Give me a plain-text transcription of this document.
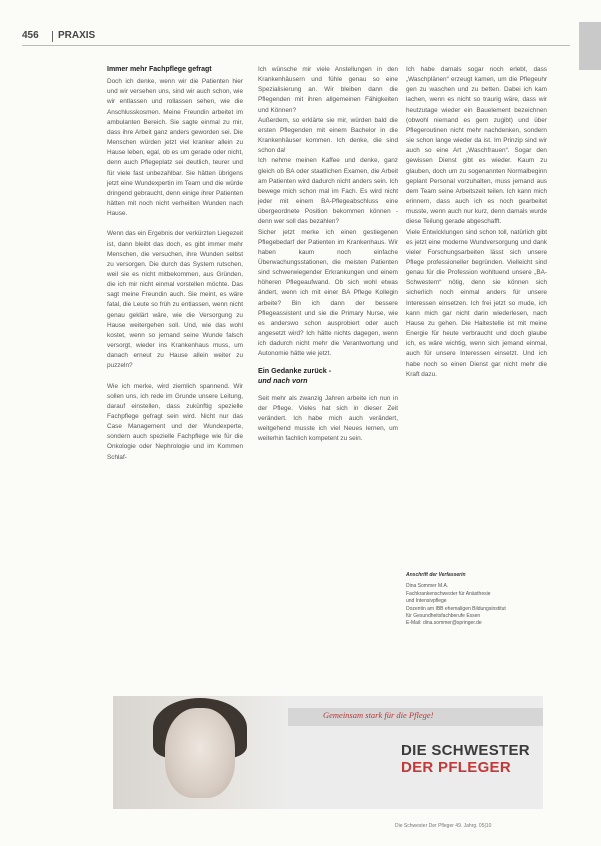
456 PRAXIS
Immer mehr Fachpflege gefragt

Doch ich denke, wenn wir die Patienten hier und wir versehen uns, sind wir auch schon, wie wir entlassen und rollassen sehen, wie die Anschlusskosmen. Meine Freundin arbeitet im ambulanten Bereich. Sie sagte einmal zu mir, dass ihre Arbeit ganz anders geworden sei. Die Menschen würden jetzt viel kranker allein zu Hause leben, egal, ob es um gerade oder nicht, denn auch Pflegeplatz sei deutlich, teurer und für viele fast unbezahlbar. Sie hätten übrigens jetzt eine Wundexpertin im Team und die würde dringend gebraucht, denn einige ihrer Patienten hätten mit noch nicht verheilten Wunden nach Hause.

Wenn das ein Ergebnis der verkürzten Liegezeit ist, dann bleibt das doch, es gibt immer mehr Menschen, die versuchen, ihre Wunden selbst zu versorgen. Die durch das System rutschen, weil sie es nicht mitbekommen, aus Gründen, die ich mir nicht einmal vorstellen möchte. Das sagt meine Freundin auch. Sie meint, es wäre fatal, die Leute so früh zu entlassen, wenn nicht genau geklärt wäre, wie die Versorgung zu Hause weitergehen soll. Und, wie das wohl kostet, wenn so jemand seine Wunde falsch versorgt, wieder ins Krankenhaus muss, um danach erneut zu Hause allein weiter zu puzzeln?

Wie ich merke, wird ziemlich spannend. Wir sollen uns, ich rede im Grunde unsere Leitung, darauf einstellen, dass zukünftig spezielle Fachpflege gefragt sein wird. Nicht nur das Case Management und der Wundexperte, sondern auch spezielle Fachpflege wie für die Onkologie oder Nephrologie und im Kommen Schlaf-

Ich wünsche mir viele Anstellungen in den Krankenhäusern und fühle genau so eine Spezialisierung an. Wir bleiben dann die Pflegenden mit ihren allgemeinen Fähigkeiten und Können?

Außerdem, so erklärte sie mir, würden bald die ersten Pflegenden mit einem Bachelor in die Krankenhäuser kommen. Ich denke, die sind schon da!

Ich nehme meinen Kaffee und denke, ganz gleich ob BA oder staatlichen Examen, die Arbeit am Patienten wird dadurch nicht anders sein. Ich bewege mich schon mal im Fach. Es wird nicht jeder mit einem BA-Pflegeabschluss eine übergeordnete Position bekommen können - denn wer soll das bezahlen?

Sicher jetzt merke ich einen gestiegenen Pflegebedarf der Patienten im Krankenhaus. Wir haben kaum noch einfache Überwachungsstationen, die meisten Patienten sind schwerwiegender Erkrankungen und einem höheren Pflegeaufwand. Ob sich wohl etwas ändert, wenn ich mit einer BA Pflege Kollegin arbeite? Bin ich dann der bessere Pflegeassistent und sie die Primary Nurse, wie es anderswo schon ausprobiert oder auch angesetzt wird? Ich hätte nichts dagegen, wenn ich dadurch nicht mehr die Verantwortung und Autonomie hätte wie jetzt.

Ein Gedanke zurück -
und nach vorn

Seit mehr als zwanzig Jahren arbeite ich nun in der Pflege. Vieles hat sich in dieser Zeit verändert. Ich habe mich auch verändert, weitgehend musste ich viel Neues lernen, um weiterhin fachlich kompetent zu sein.

Ich habe damals sogar noch erlebt, dass „Waschplänen“ erzeugt kamen, um die Pflegeuhr gen zu waschen und zu betten. Dabei ich kam lachen, wenn es nicht so traurig wäre, dass wir heutzutage wieder ein Bauelement bezeichnen (obwohl niemand es gern zugibt) und über Pflegeroutinen nicht mehr nachdenken, sondern sie schon lange wieder da ist. Im Prinzip sind wir auch so eine Art „Waschfrauen“. Sogar den gewissen Dienst gibt es wieder. Kaum zu glauben, doch um zu sogenannten Normalbeginn geplant Personal vorzuhalten, muss jemand aus dem Team seine Arbeitszeit teilen. Ich kann mich erinnern, dass auch ich es noch gearbeitet musste, wenn auch nur kurz, denn damals wurde diese Teilung gerade abgeschafft.

Viele Entwicklungen sind schon toll, natürlich gibt es jetzt eine moderne Wundversorgung und dank vieler Forschungsarbeiten lässt sich unsere Pflege professioneller begründen. Vielleicht sind genau für die Profession wohltuend unsere „BA-Schwestern“ nötig, denn sie können sich sicherlich noch einmal anders für unsere Interessen einsetzen. Ich frei jetzt so mude, ich kann mich gar nicht darin wiederlesen, nach Hause zu gehen. Die Haltestelle ist mit meine Energie für heute verbraucht und doch glaube ich, es wäre wichtig, wenn sich jemand einmal, auch für unsere Interessen einsetzt. Und ich habe noch so einen Dienst gar nicht mehr die Kraft dazu.

Anschrift der Verfasserin
Dina Sommer M.A.
Fachkrankenschwester für Anästhesie
und Intensivpflege
Dozentin am IBB ehemaligen Bildungsinstitut
für Gesundheitsfachberufe Essen
E-Mail: dina.sommer@springer.de
Gemeinsam stark für die Pflege!
DIE SCHWESTER
DER PFLEGER
Die Schwester Der Pfleger 49. Jahrg. 05|10
